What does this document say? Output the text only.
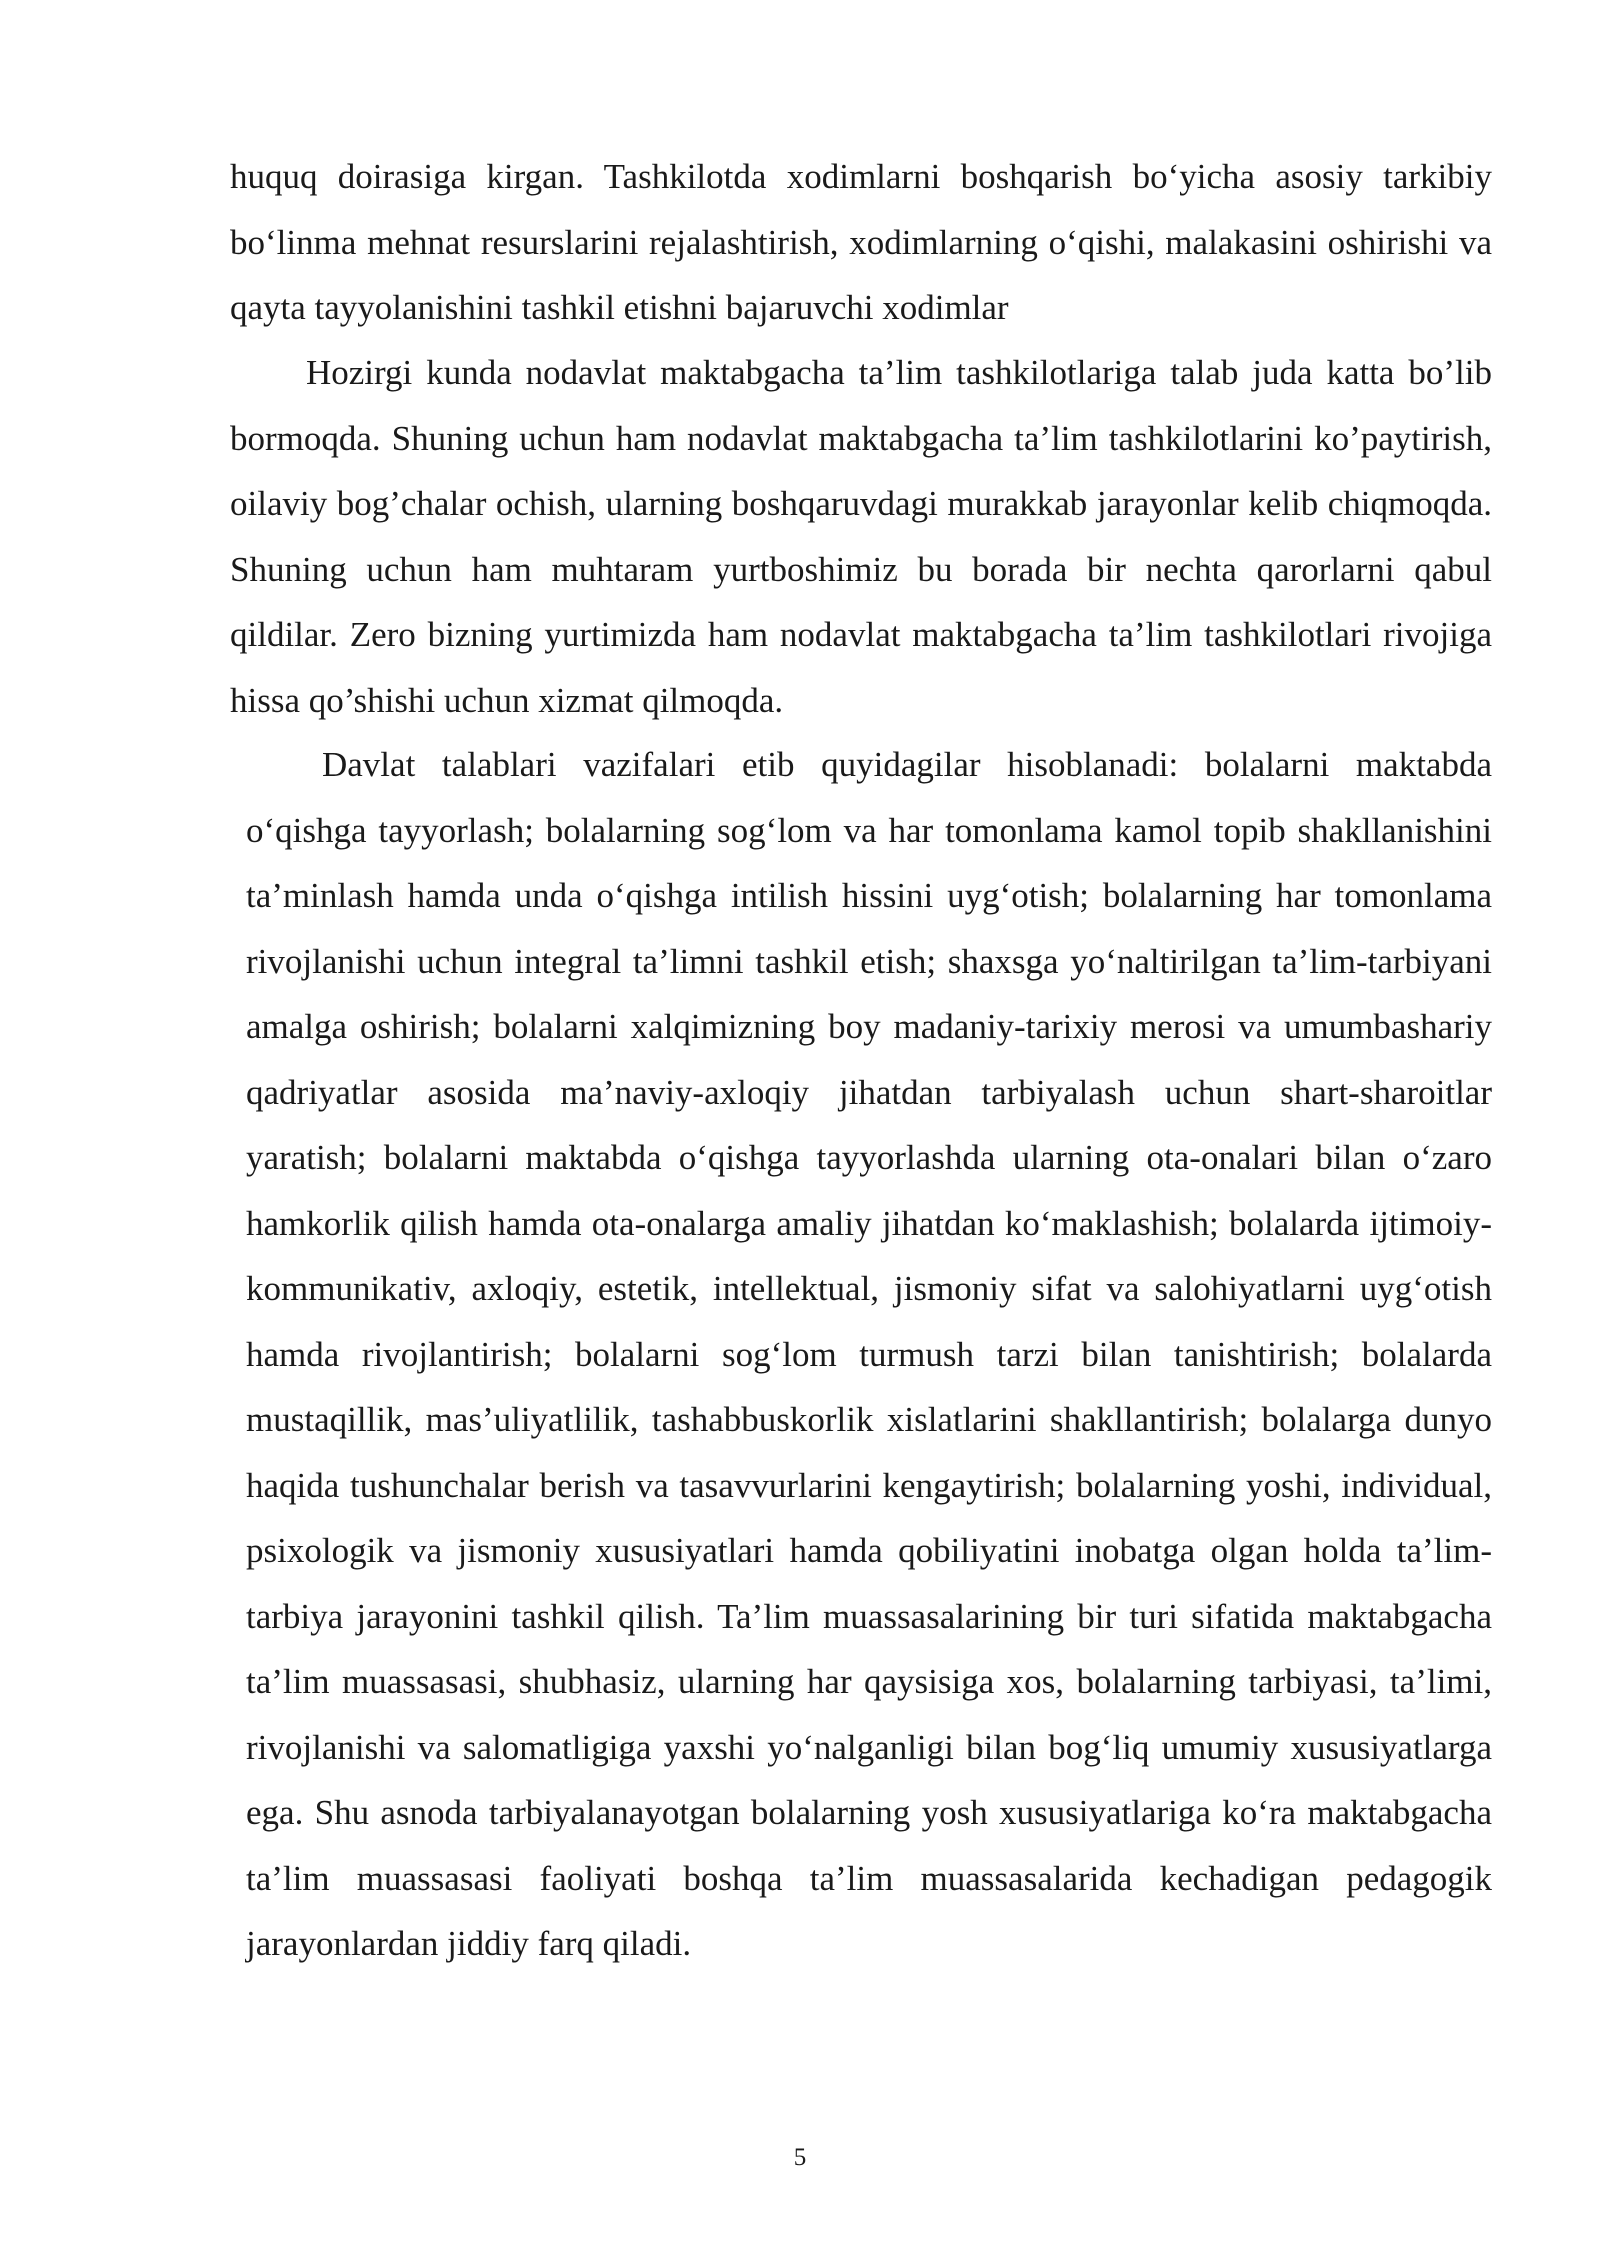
huquq doirasiga kirgan. Tashkilotda xodimlarni boshqarish bo‘yicha asosiy tarkibiy bo‘linma mehnat resurslarini rejalashtirish, xodimlarning o‘qishi, malakasini oshirishi va qayta tayyolanishini tashkil etishni bajaruvchi xodimlar

Hozirgi kunda nodavlat maktabgacha ta’lim tashkilotlariga talab juda katta bo’lib bormoqda. Shuning uchun ham nodavlat maktabgacha ta’lim tashkilotlarini ko’paytirish, oilaviy bog’chalar ochish, ularning boshqaruvdagi murakkab jarayonlar kelib chiqmoqda. Shuning uchun ham muhtaram yurtboshimiz bu borada bir nechta qarorlarni qabul qildilar. Zero bizning yurtimizda ham nodavlat maktabgacha ta’lim tashkilotlari rivojiga hissa qo’shishi uchun xizmat qilmoqda.

Davlat talablari vazifalari etib quyidagilar hisoblanadi: bolalarni maktabda o‘qishga tayyorlash; bolalarning sog‘lom va har tomonlama kamol topib shakllanishini ta’minlash hamda unda o‘qishga intilish hissini uyg‘otish; bolalarning har tomonlama rivojlanishi uchun integral ta’limni tashkil etish; shaxsga yo‘naltirilgan ta’lim-tarbiyani amalga oshirish; bolalarni xalqimizning boy madaniy-tarixiy merosi va umumbashariy qadriyatlar asosida ma’naviy-axloqiy jihatdan tarbiyalash uchun shart-sharoitlar yaratish; bolalarni maktabda o‘qishga tayyorlashda ularning ota-onalari bilan o‘zaro hamkorlik qilish hamda ota-onalarga amaliy jihatdan ko‘maklashish; bolalarda ijtimoiy-kommunikativ, axloqiy, estetik, intellektual, jismoniy sifat va salohiyatlarni uyg‘otish hamda rivojlantirish; bolalarni sog‘lom turmush tarzi bilan tanishtirish; bolalarda mustaqillik, mas’uliyatlilik, tashabbuskorlik xislatlarini shakllantirish; bolalarga dunyo haqida tushunchalar berish va tasavvurlarini kengaytirish; bolalarning yoshi, individual, psixologik va jismoniy xususiyatlari hamda qobiliyatini inobatga olgan holda ta’lim-tarbiya jarayonini tashkil qilish. Ta’lim muassasalarining bir turi sifatida maktabgacha ta’lim muassasasi, shubhasiz, ularning har qaysisiga xos, bolalarning tarbiyasi, ta’limi, rivojlanishi va salomatligiga yaxshi yo‘nalganligi bilan bog‘liq umumiy xususiyatlarga ega. Shu asnoda tarbiyalanayotgan bolalarning yosh xususiyatlariga ko‘ra maktabgacha ta’lim muassasasi faoliyati boshqa ta’lim muassasalarida kechadigan pedagogik jarayonlardan jiddiy farq qiladi.

5
